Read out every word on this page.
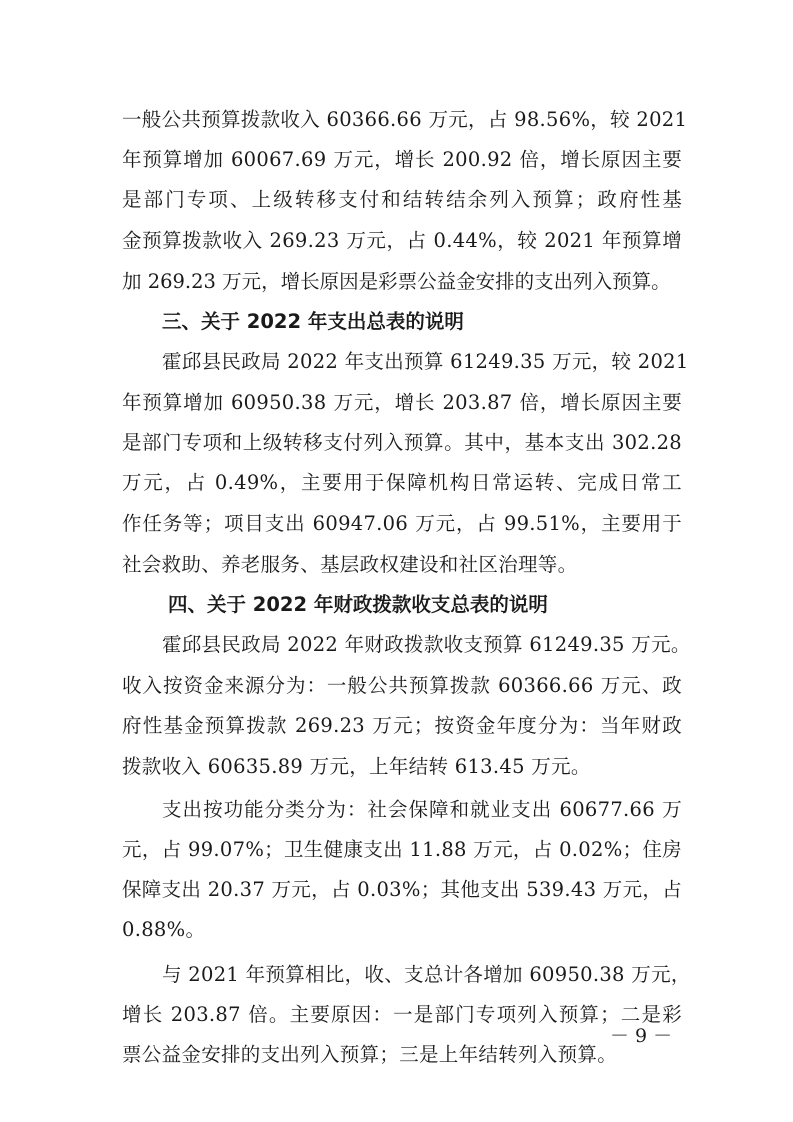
一般公共预算拨款收入 60366.66 万元，占 98.56%，较 2021
年预算增加 60067.69 万元，增长 200.92 倍，增长原因主要
是部门专项、上级转移支付和结转结余列入预算；政府性基
金预算拨款收入 269.23 万元，占 0.44%，较 2021 年预算增
加 269.23 万元，增长原因是彩票公益金安排的支出列入预算。
三、关于 2022 年支出总表的说明
霍邱县民政局 2022 年支出预算 61249.35 万元，较 2021
年预算增加 60950.38 万元，增长 203.87 倍，增长原因主要
是部门专项和上级转移支付列入预算。其中，基本支出 302.28
万元，占 0.49%，主要用于保障机构日常运转、完成日常工
作任务等；项目支出 60947.06 万元，占 99.51%，主要用于
社会救助、养老服务、基层政权建设和社区治理等。
四、关于 2022 年财政拨款收支总表的说明
霍邱县民政局 2022 年财政拨款收支预算 61249.35 万元。
收入按资金来源分为：一般公共预算拨款 60366.66 万元、政
府性基金预算拨款 269.23 万元；按资金年度分为：当年财政
拨款收入 60635.89 万元，上年结转 613.45 万元。
支出按功能分类分为：社会保障和就业支出 60677.66 万
元，占 99.07%；卫生健康支出 11.88 万元，占 0.02%；住房
保障支出 20.37 万元，占 0.03%；其他支出 539.43 万元，占
0.88%。
与 2021 年预算相比，收、支总计各增加 60950.38 万元，
增长 203.87 倍。主要原因：一是部门专项列入预算；二是彩
票公益金安排的支出列入预算；三是上年结转列入预算。
－ 9 －
